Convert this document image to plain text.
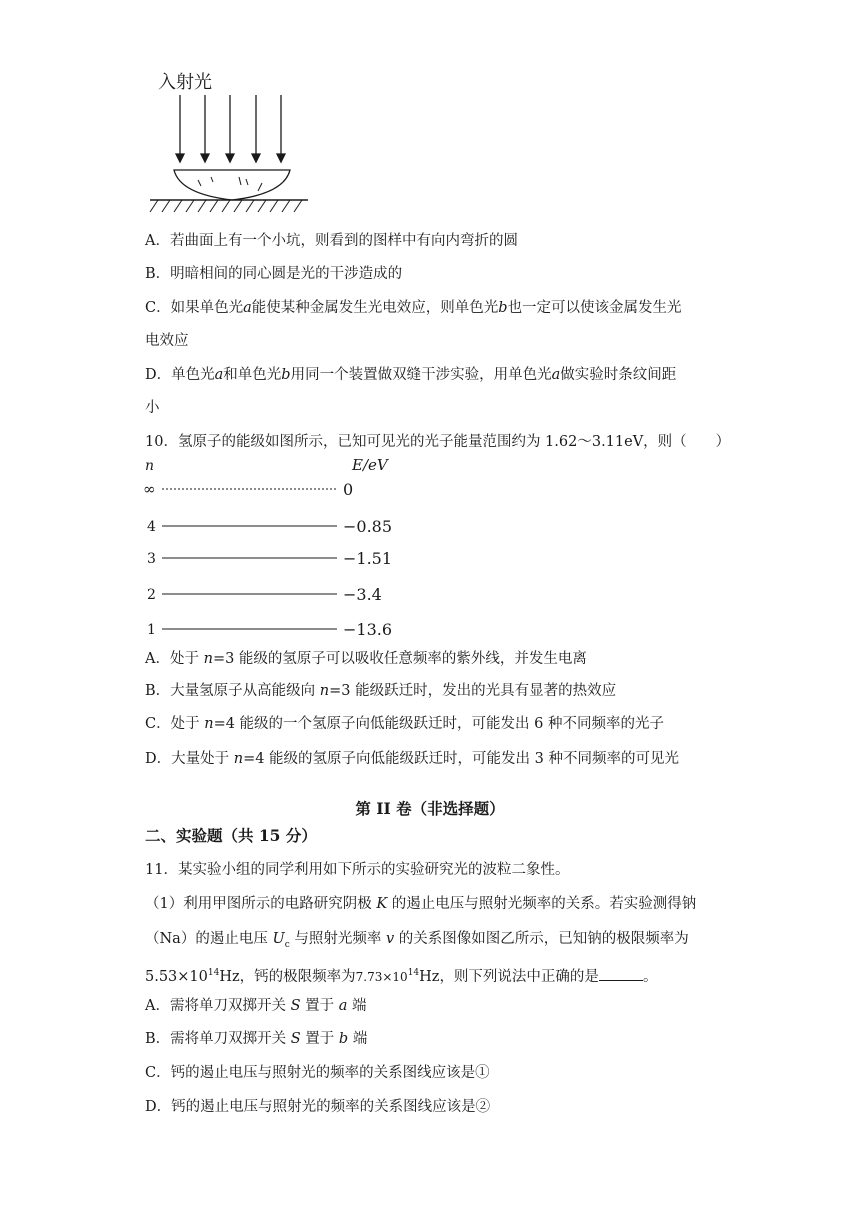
入射光
A．若曲面上有一个小坑，则看到的图样中有向内弯折的圆
B．明暗相间的同心圆是光的干涉造成的
C．如果单色光a能使某种金属发生光电效应，则单色光b也一定可以使该金属发生光
电效应
D．单色光a和单色光b用同一个装置做双缝干涉实验，用单色光a做实验时条纹间距
小
10．氢原子的能级如图所示，已知可见光的光子能量范围约为 1.62～3.11eV，则（　　）
n	E/eV
∞	0
4	−0.85
3	−1.51
2	−3.4
1	−13.6
A．处于 n=3 能级的氢原子可以吸收任意频率的紫外线，并发生电离
B．大量氢原子从高能级向 n=3 能级跃迁时，发出的光具有显著的热效应
C．处于 n=4 能级的一个氢原子向低能级跃迁时，可能发出 6 种不同频率的光子
D．大量处于 n=4 能级的氢原子向低能级跃迁时，可能发出 3 种不同频率的可见光
第 II 卷（非选择题）
二、实验题（共 15 分）
11．某实验小组的同学利用如下所示的实验研究光的波粒二象性。
（1）利用甲图所示的电路研究阴极 K 的遏止电压与照射光频率的关系。若实验测得钠
（Na）的遏止电压 $U_c$ 与照射光频率 v 的关系图像如图乙所示，已知钠的极限频率为
$5.53\times 10^{14}Hz$，钙的极限频率为$7.73\times 10^{14}Hz$，则下列说法中正确的是	。
A．需将单刀双掷开关 S 置于 a 端
B．需将单刀双掷开关 S 置于 b 端
C．钙的遏止电压与照射光的频率的关系图线应该是①
D．钙的遏止电压与照射光的频率的关系图线应该是②
